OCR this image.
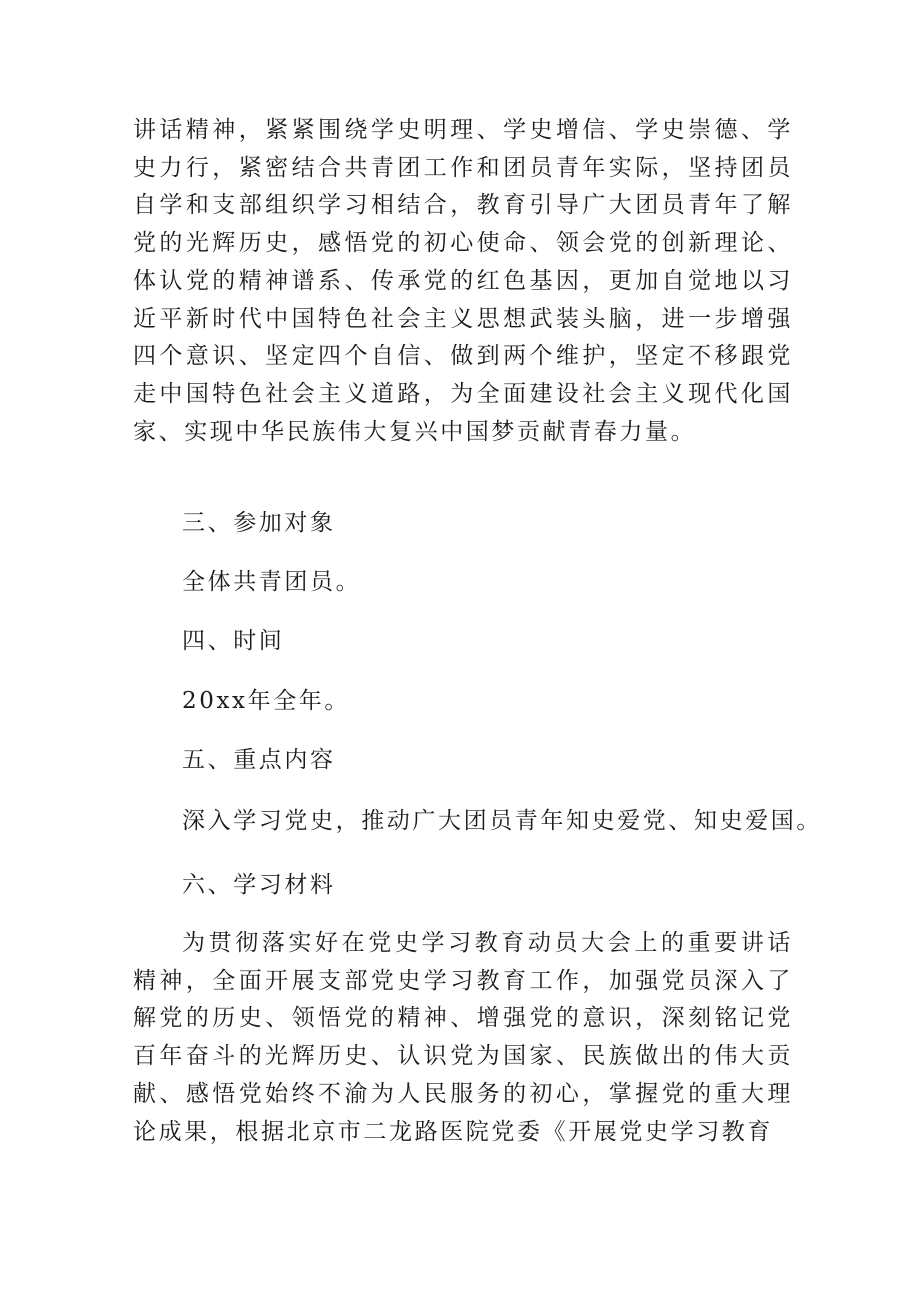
讲话精神，紧紧围绕学史明理、学史增信、学史崇德、学史力行，紧密结合共青团工作和团员青年实际，坚持团员自学和支部组织学习相结合，教育引导广大团员青年了解党的光辉历史，感悟党的初心使命、领会党的创新理论、体认党的精神谱系、传承党的红色基因，更加自觉地以习近平新时代中国特色社会主义思想武装头脑，进一步增强四个意识、坚定四个自信、做到两个维护，坚定不移跟党走中国特色社会主义道路，为全面建设社会主义现代化国家、实现中华民族伟大复兴中国梦贡献青春力量。

三、参加对象

全体共青团员。

四、时间

20xx年全年。

五、重点内容

深入学习党史，推动广大团员青年知史爱党、知史爱国。

六、学习材料

为贯彻落实好在党史学习教育动员大会上的重要讲话精神，全面开展支部党史学习教育工作，加强党员深入了解党的历史、领悟党的精神、增强党的意识，深刻铭记党百年奋斗的光辉历史、认识党为国家、民族做出的伟大贡献、感悟党始终不渝为人民服务的初心，掌握党的重大理论成果，根据北京市二龙路医院党委《开展党史学习教育
